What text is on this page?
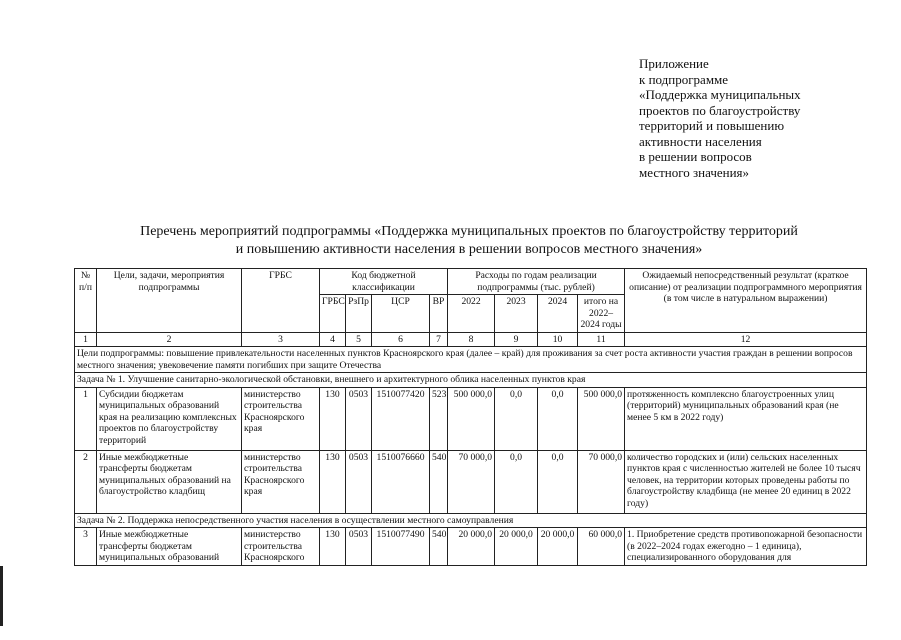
Приложение
к подпрограмме
«Поддержка муниципальных
проектов по благоустройству
территорий и повышению
активности населения
в решении вопросов
местного значения»
Перечень мероприятий подпрограммы «Поддержка муниципальных проектов по благоустройству территорий
и повышению активности населения в решении вопросов местного значения»
№ п/п	Цели, задачи, мероприятия подпрограммы	ГРБС	Код бюджетной классификации				Расходы по годам реализации подпрограммы (тыс. рублей)				Ожидаемый непосредственный результат (краткое описание) от реализации подпрограммного мероприятия (в том числе в натуральном выражении)
			ГРБС	РзПр	ЦСР	ВР	2022	2023	2024	итого на 2022–2024 годы	
1	2	3	4	5	6	7	8	9	10	11	12
Цели подпрограммы: повышение привлекательности населенных пунктов Красноярского края (далее – край) для проживания за счет роста активности участия граждан в решении вопросов местного значения; увековечение памяти погибших при защите Отечества											
Задача № 1. Улучшение санитарно-экологической обстановки, внешнего и архитектурного облика населенных пунктов края											
1	Субсидии бюджетам муниципальных образований края на реализацию комплексных проектов по благоустройству территорий	министерство строительства Красноярского края	130	0503	1510077420	523	500 000,0	0,0	0,0	500 000,0	протяженность комплексно благоустроенных улиц (территорий) муниципальных образований края (не менее 5 км в 2022 году)
2	Иные межбюджетные трансферты бюджетам муниципальных образований на благоустройство кладбищ	министерство строительства Красноярского края	130	0503	1510076660	540	70 000,0	0,0	0,0	70 000,0	количество городских и (или) сельских населенных пунктов края с численностью жителей не более 10 тысяч человек, на территории которых проведены работы по благоустройству кладбища (не менее 20 единиц в 2022 году)
Задача № 2. Поддержка непосредственного участия населения в осуществлении местного самоуправления											
3	Иные межбюджетные трансферты бюджетам муниципальных образований	министерство строительства Красноярского	130	0503	1510077490	540	20 000,0	20 000,0	20 000,0	60 000,0	1. Приобретение средств противопожарной безопасности (в 2022–2024 годах ежегодно – 1 единица), специализированного оборудования для
